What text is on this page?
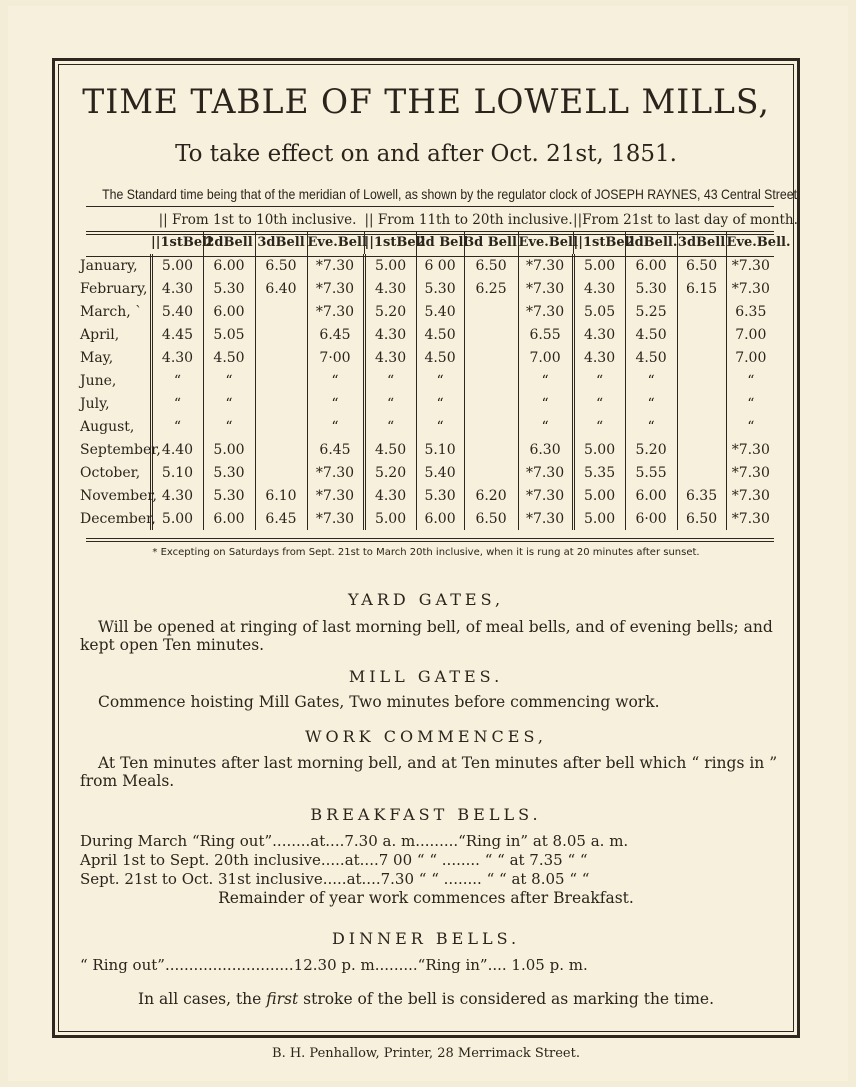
TIME TABLE OF THE LOWELL MILLS,
To take effect on and after Oct. 21st, 1851.
The Standard time being that of the meridian of Lowell, as shown by the regulator clock of JOSEPH RAYNES, 43 Central Street.
	|| From 1st to 10th inclusive.				|| From 11th to 20th inclusive.				||From 21st to last day of month.			
	||1stBell	2dBell	3dBell	Eve.Bell	||1stBell	2d Bell	3d Bell	Eve.Bell	||1stBell	2dBell.	3dBell	Eve.Bell.
January,	5.00	6.00	6.50	*7.30	5.00	6 00	6.50	*7.30	5.00	6.00	6.50	*7.30
February,	4.30	5.30	6.40	*7.30	4.30	5.30	6.25	*7.30	4.30	5.30	6.15	*7.30
March, `	5.40	6.00		*7.30	5.20	5.40		*7.30	5.05	5.25		6.35
April,	4.45	5.05		6.45	4.30	4.50		6.55	4.30	4.50		7.00
May,	4.30	4.50		7·00	4.30	4.50		7.00	4.30	4.50		7.00
June,	“	“		“	“	“		“	“	“		“
July,	“	“		“	“	“		“	“	“		“
August,	“	“		“	“	“		“	“	“		“
September,	4.40	5.00		6.45	4.50	5.10		6.30	5.00	5.20		*7.30
October,	5.10	5.30		*7.30	5.20	5.40		*7.30	5.35	5.55		*7.30
November,	4.30	5.30	6.10	*7.30	4.30	5.30	6.20	*7.30	5.00	6.00	6.35	*7.30
December,	5.00	6.00	6.45	*7.30	5.00	6.00	6.50	*7.30	5.00	6·00	6.50	*7.30
* Excepting on Saturdays from Sept. 21st to March 20th inclusive, when it is rung at 20 minutes after sunset.
YARD GATES,
Will be opened at ringing of last morning bell, of meal bells, and of evening bells; and
kept open Ten minutes.
MILL GATES.
Commence hoisting Mill Gates, Two minutes before commencing work.
WORK COMMENCES,
At Ten minutes after last morning bell, and at Ten minutes after bell which “ rings in ”
from Meals.
BREAKFAST BELLS.
During March “Ring out”........at....7.30 a. m.........“Ring in” at 8.05 a. m.
April 1st to Sept. 20th inclusive.....at....7 00 “ “ ........ “ “ at 7.35 “ “
Sept. 21st to Oct. 31st inclusive.....at....7.30 “ “ ........ “ “ at 8.05 “ “
Remainder of year work commences after Breakfast.
DINNER BELLS.
“ Ring out”...........................12.30 p. m.........“Ring in”.... 1.05 p. m.
In all cases, the first stroke of the bell is considered as marking the time.
B. H. Penhallow, Printer, 28 Merrimack Street.
